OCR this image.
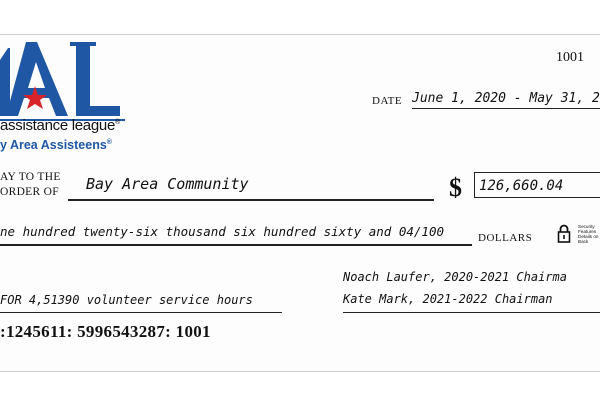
assistance league®
y Area Assisteens®
1001
DATE June 1, 2020 - May 31, 2
AY TO THE
ORDER OF Bay Area Community	$	126,660.04
ne hundred twenty-six thousand six hundred sixty and 04/100	DOLLARS
Security Features Details on Back
Noach Laufer, 2020-2021 Chairma
Kate Mark, 2021-2022 Chairman
FOR 4,51390 volunteer service hours
:1245611: 5996543287: 1001
